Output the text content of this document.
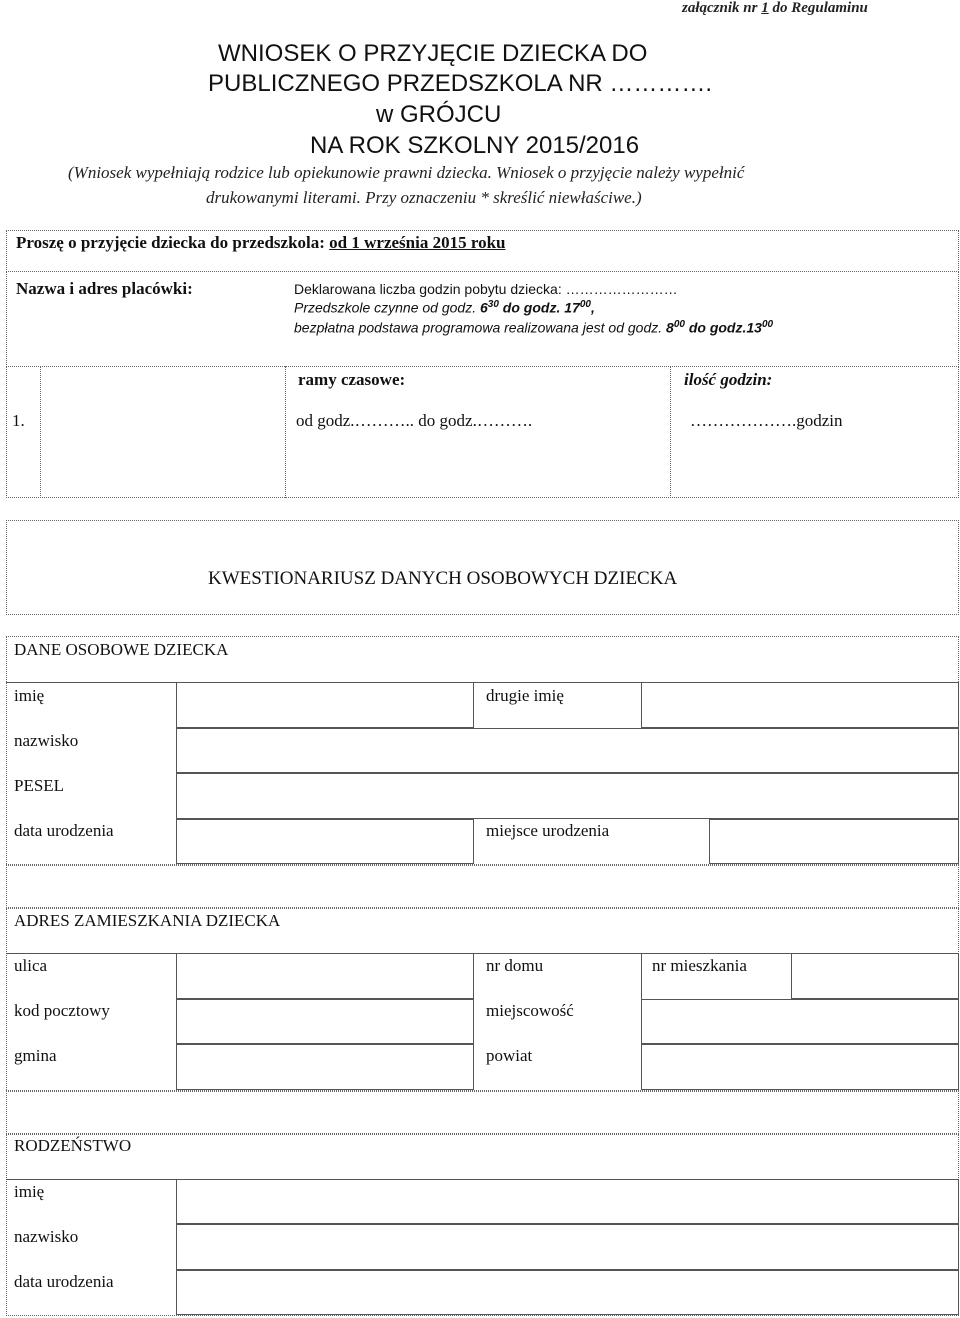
załącznik nr 1 do Regulaminu
WNIOSEK O PRZYJĘCIE DZIECKA DO
PUBLICZNEGO PRZEDSZKOLA NR ………….
w GRÓJCU
NA ROK SZKOLNY 2015/2016
(Wniosek wypełniają rodzice lub opiekunowie prawni dziecka. Wniosek o przyjęcie należy wypełnić
drukowanymi literami. Przy oznaczeniu * skreślić niewłaściwe.)
Proszę o przyjęcie dziecka do przedszkola: od 1 września 2015 roku
Nazwa i adres placówki:	Deklarowana liczba godzin pobytu dziecka: ……………………
Przedszkole czynne od godz. $6^{30}$ do godz. $17^{00}$,
bezpłatna podstawa programowa realizowana jest od godz. $8^{00}$ do $godz.13^{00}$
1.
ramy czasowe:	ilość godzin:
od godz.……….. do godz.……….	……………….godzin
KWESTIONARIUSZ DANYCH OSOBOWYCH DZIECKA
DANE OSOBOWE DZIECKA
imię	drugie imię
nazwisko
PESEL
data urodzenia	miejsce urodzenia
ADRES ZAMIESZKANIA DZIECKA
ulica	nr domu	nr mieszkania
kod pocztowy	miejscowość
gmina	powiat
RODZEŃSTWO
imię
nazwisko
data urodzenia
